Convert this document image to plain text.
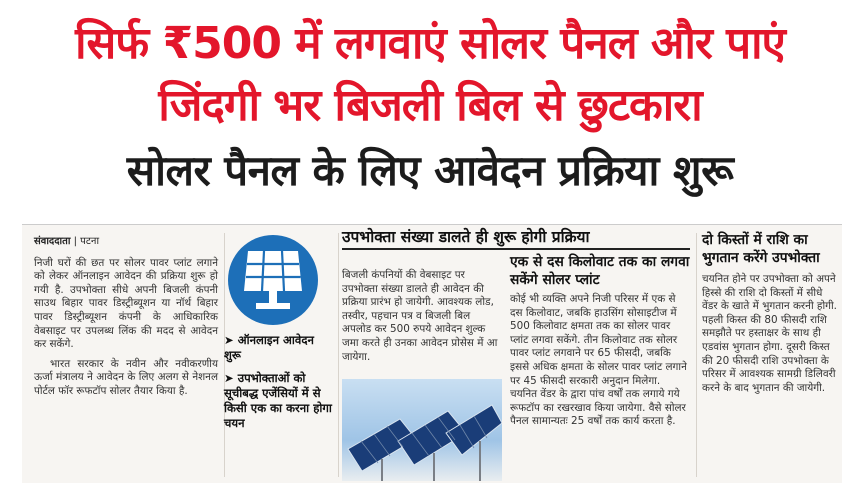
सिर्फ ₹500 में लगवाएं सोलर पैनल और पाएं
जिंदगी भर बिजली बिल से छुटकारा
सोलर पैनल के लिए आवेदन प्रक्रिया शुरू

संवाददाता | पटना

निजी घरों की छत पर सोलर पावर प्लांट लगाने को लेकर ऑनलाइन आवेदन की प्रक्रिया शुरू हो गयी है. उपभोक्ता सीधे अपनी बिजली कंपनी साउथ बिहार पावर डिस्ट्रीब्यूशन या नॉर्थ बिहार पावर डिस्ट्रीब्यूशन कंपनी के आधिकारिक वेबसाइट पर उपलब्ध लिंक की मदद से आवेदन कर सकेंगे.

भारत सरकार के नवीन और नवीकरणीय ऊर्जा मंत्रालय ने आवेदन के लिए अलग से नेशनल पोर्टल फॉर रूफटॉप सोलर तैयार किया है.

➤ ऑनलाइन आवेदन शुरू

➤ उपभोक्ताओं को सूचीबद्ध एजेंसियों में से किसी एक का करना होगा चयन

उपभोक्ता संख्या डालते ही शुरू होगी प्रक्रिया

बिजली कंपनियों की वेबसाइट पर उपभोक्ता संख्या डालते ही आवेदन की प्रक्रिया प्रारंभ हो जायेगी. आवश्यक लोड, तस्वीर, पहचान पत्र व बिजली बिल अपलोड कर 500 रुपये आवेदन शुल्क जमा करते ही उनका आवेदन प्रोसेस में आ जायेगा.

एक से दस किलोवाट तक का लगवा सकेंगे सोलर प्लांट

कोई भी व्यक्ति अपने निजी परिसर में एक से दस किलोवाट, जबकि हाउसिंग सोसाइटीज में 500 किलोवाट क्षमता तक का सोलर पावर प्लांट लगवा सकेंगे. तीन किलोवाट तक सोलर पावर प्लांट लगवाने पर 65 फीसदी, जबकि इससे अधिक क्षमता के सोलर पावर प्लांट लगाने पर 45 फीसदी सरकारी अनुदान मिलेगा. चयनित वेंडर के द्वारा पांच वर्षों तक लगाये गये रूफटॉप का रखरखाव किया जायेगा. वैसे सोलर पैनल सामान्यतः 25 वर्षों तक कार्य करता है.

दो किस्तों में राशि का भुगतान करेंगे उपभोक्ता

चयनित होने पर उपभोक्ता को अपने हिस्से की राशि दो किस्तों में सीधे वेंडर के खाते में भुगतान करनी होगी. पहली किस्त की 80 फीसदी राशि समझौते पर हस्ताक्षर के साथ ही एडवांस भुगतान होगा. दूसरी किस्त की 20 फीसदी राशि उपभोक्ता के परिसर में आवश्यक सामग्री डिलिवरी करने के बाद भुगतान की जायेगी.
